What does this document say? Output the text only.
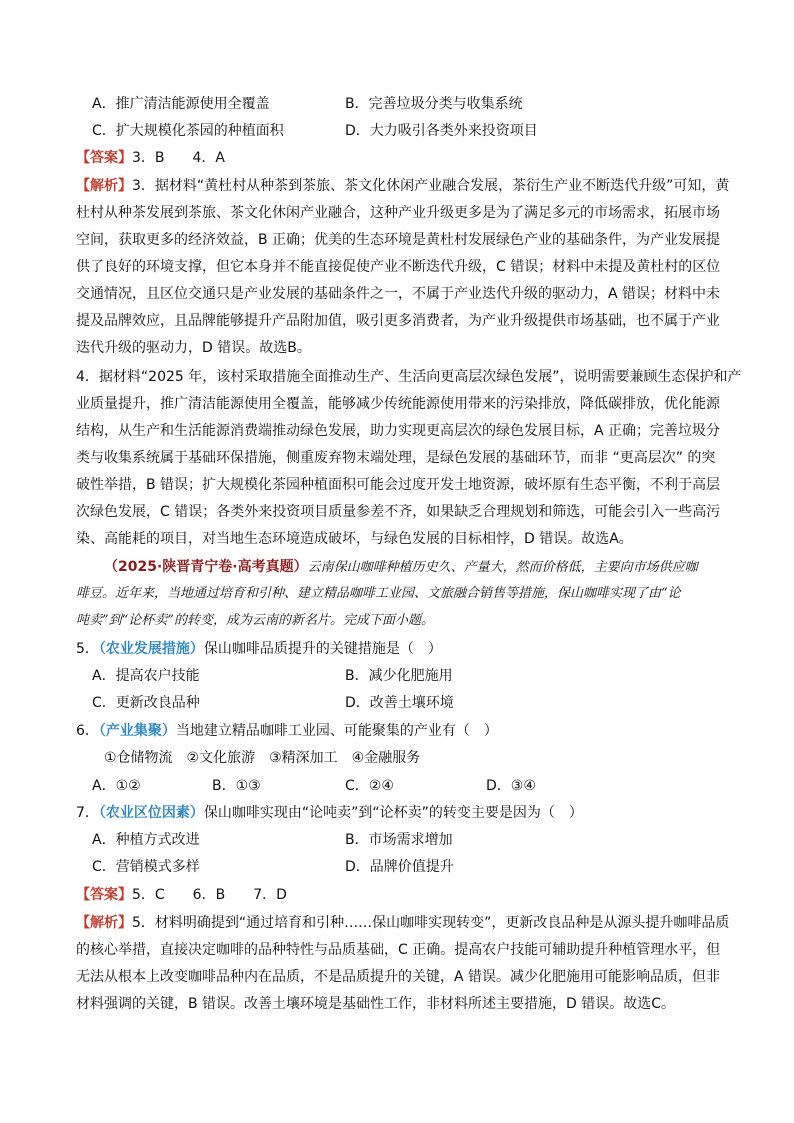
A．推广清洁能源使用全覆盖	B．完善垃圾分类与收集系统
C．扩大规模化茶园的种植面积	D．大力吸引各类外来投资项目
【答案】3．B　　4．A
【解析】3．据材料“黄杜村从种茶到茶旅、茶文化休闲产业融合发展，茶衍生产业不断迭代升级”可知，黄
杜村从种茶发展到茶旅、茶文化休闲产业融合，这种产业升级更多是为了满足多元的市场需求，拓展市场
空间，获取更多的经济效益，B 正确；优美的生态环境是黄杜村发展绿色产业的基础条件，为产业发展提
供了良好的环境支撑，但它本身并不能直接促使产业不断迭代升级，C 错误；材料中未提及黄杜村的区位
交通情况，且区位交通只是产业发展的基础条件之一，不属于产业迭代升级的驱动力，A 错误；材料中未
提及品牌效应，且品牌能够提升产品附加值，吸引更多消费者，为产业升级提供市场基础，也不属于产业
迭代升级的驱动力，D 错误。故选B。
4．据材料“2025 年，该村采取措施全面推动生产、生活向更高层次绿色发展”，说明需要兼顾生态保护和产
业质量提升，推广清洁能源使用全覆盖，能够减少传统能源使用带来的污染排放，降低碳排放，优化能源
结构，从生产和生活能源消费端推动绿色发展，助力实现更高层次的绿色发展目标，A 正确；完善垃圾分
类与收集系统属于基础环保措施，侧重废弃物末端处理，是绿色发展的基础环节，而非 “更高层次” 的突
破性举措，B 错误；扩大规模化茶园种植面积可能会过度开发土地资源，破坏原有生态平衡，不利于高层
次绿色发展，C 错误；各类外来投资项目质量参差不齐，如果缺乏合理规划和筛选，可能会引入一些高污
染、高能耗的项目，对当地生态环境造成破坏，与绿色发展的目标相悖，D 错误。故选A。
（2025·陕晋青宁卷·高考真题）云南保山咖啡种植历史久、产量大，然而价格低，主要向市场供应咖
啡豆。近年来，当地通过培育和引种、建立精品咖啡工业园、文旅融合销售等措施，保山咖啡实现了由“论
吨卖”到“论杯卖”的转变，成为云南的新名片。完成下面小题。
5．（农业发展措施）保山咖啡品质提升的关键措施是（　）
A．提高农户技能	B．减少化肥施用
C．更新改良品种	D．改善土壤环境
6．（产业集聚）当地建立精品咖啡工业园、可能聚集的产业有（　）
①仓储物流　②文化旅游　③精深加工　④金融服务
A．①②	B．①③	C．②④	D．③④
7．（农业区位因素）保山咖啡实现由“论吨卖”到“论杯卖”的转变主要是因为（　）
A．种植方式改进	B．市场需求增加
C．营销模式多样	D．品牌价值提升
【答案】5．C　　6．B　　7．D
【解析】5．材料明确提到“通过培育和引种……保山咖啡实现转变”，更新改良品种是从源头提升咖啡品质
的核心举措，直接决定咖啡的品种特性与品质基础，C 正确。提高农户技能可辅助提升种植管理水平，但
无法从根本上改变咖啡品种内在品质，不是品质提升的关键，A 错误。减少化肥施用可能影响品质，但非
材料强调的关键，B 错误。改善土壤环境是基础性工作，非材料所述主要措施，D 错误。故选C。
